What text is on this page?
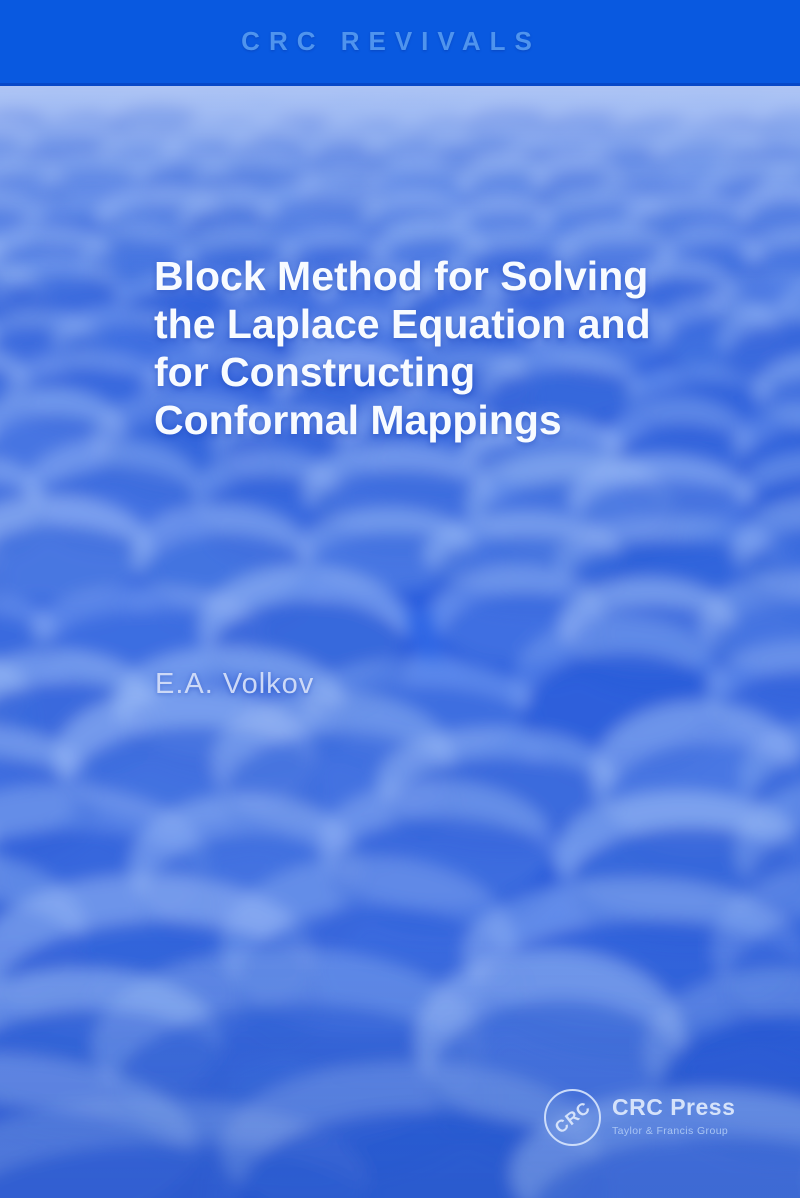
CRC REVIVALS
Block Method for Solving
the Laplace Equation and
for Constructing
Conformal Mappings
E.A. Volkov
CRC CRC Press
Taylor & Francis Group
